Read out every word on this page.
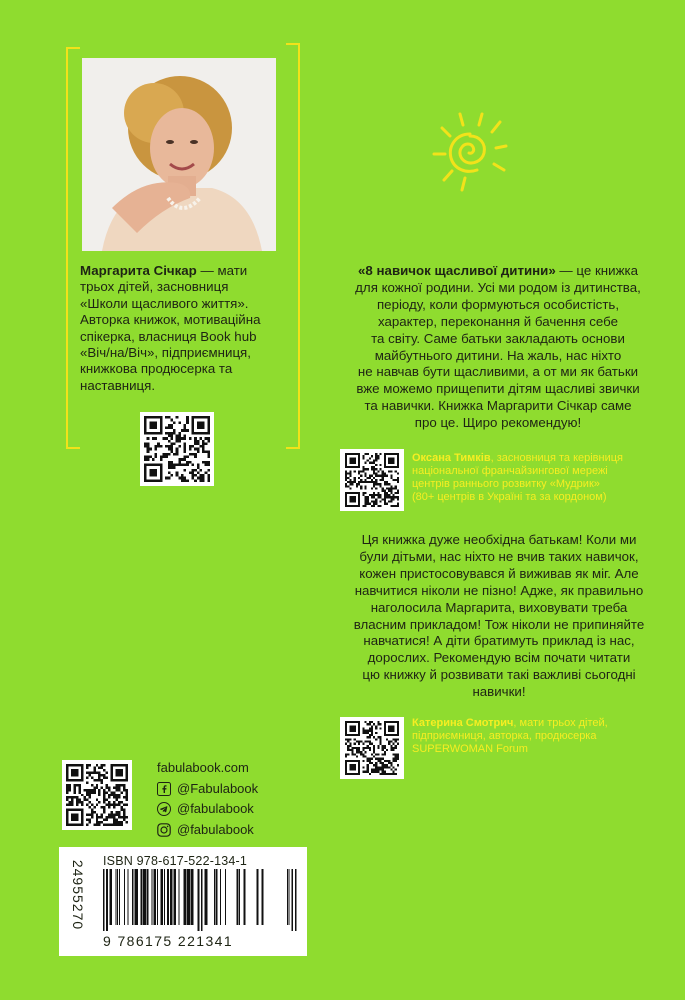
Маргарита Січкар — мати
трьох дітей, засновниця
«Школи щасливого життя».
Авторка книжок, мотиваційна
спікерка, власниця Book hub
«Віч/на/Віч», підприємниця,
книжкова продюсерка та
наставниця.
«8 навичок щасливої дитини» — це книжка
для кожної родини. Усі ми родом із дитинства,
періоду, коли формуються особистість,
характер, переконання й бачення себе
та світу. Саме батьки закладають основи
майбутнього дитини. На жаль, нас ніхто
не навчав бути щасливими, а от ми як батьки
вже можемо прищепити дітям щасливі звички
та навички. Книжка Маргарити Січкар саме
про це. Щиро рекомендую!
Оксана Тимків, засновниця та керівниця
національної франчайзингової мережі
центрів раннього розвитку «Мудрик»
(80+ центрів в Україні та за кордоном)
Ця книжка дуже необхідна батькам! Коли ми
були дітьми, нас ніхто не вчив таких навичок,
кожен пристосовувався й виживав як міг. Але
навчитися ніколи не пізно! Адже, як правильно
наголосила Маргарита, виховувати треба
власним прикладом! Тож ніколи не припиняйте
навчатися! А діти братимуть приклад із нас,
дорослих. Рекомендую всім почати читати
цю книжку й розвивати такі важливі сьогодні
навички!
Катерина Смотрич, мати трьох дітей,
підприємниця, авторка, продюсерка
SUPERWOMAN Forum
fabulabook.com
@Fabulabook
@fabulabook
@fabulabook
24955270 ISBN 978-617-522-134-1
9 786175 221341
